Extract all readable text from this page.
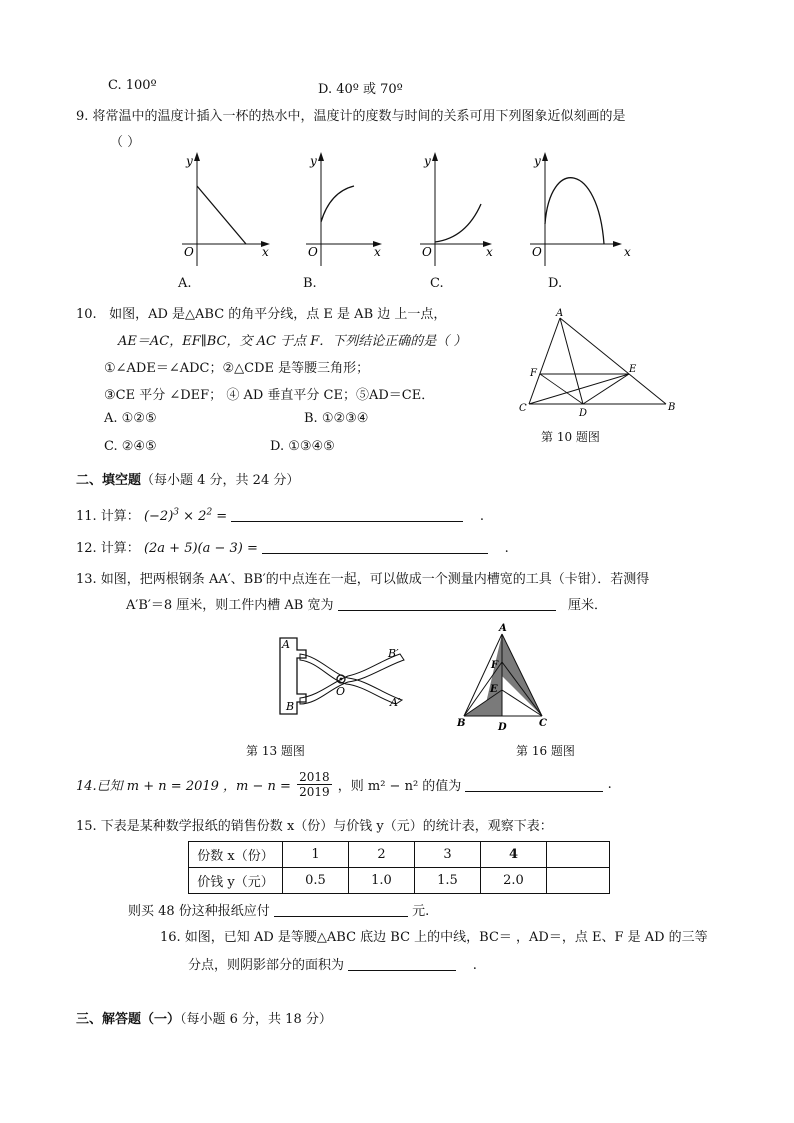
C. 100º	D. 40º 或 70º
9. 将常温中的温度计插入一杯的热水中，温度计的度数与时间的关系可用下列图象近似刻画的是
（ ）
y
x
O
A.
y
x
O
B.
y
x
O
C.
y
x
O
D.
10. 如图，AD 是△ABC 的角平分线，点 E 是 AB 边 上一点，
AE＝AC，EF∥BC，交 AC 于点 F．下列结论正确的是（ ）
①∠ADE＝∠ADC；②△CDE 是等腰三角形；
③CE 平分 ∠DEF； ④ AD 垂直平分 CE；⑤AD＝CE．
A. ①②⑤	B. ①②③④
C. ②④⑤	D. ①③④⑤
A
B
C	D
E
F
第 10 题图
二、填空题（每小题 4 分，共 24 分）
11. 计算： $(-2)^3 \times 2^2$ =	.
12. 计算： (2a + 5)(a − 3) =	.
13. 如图，把两根钢条 AA′、BB′的中点连在一起，可以做成一个测量内槽宽的工具（卡钳）．若测得
A′B′＝8 厘米，则工件内槽 AB 宽为	厘米．
A
B
B′
A′
O
第 13 题图
A
B	C
D
E
F
第 16 题图
14.已知 m + n = 2019 ，$m - n = \frac{2018}{2019}$ ，则 m² − n² 的值为	.
15. 下表是某种数学报纸的销售份数 x（份）与价钱 y（元）的统计表，观察下表：
份数 x（份）	1	2	3	4	
价钱 y（元）	0.5	1.0	1.5	2.0	
则买 48 份这种报纸应付	元.
16. 如图，已知 AD 是等腰△ABC 底边 BC 上的中线，BC＝ ，AD＝，点 E、F 是 AD 的三等
分点，则阴影部分的面积为	.
三、解答题（一）（每小题 6 分，共 18 分）
